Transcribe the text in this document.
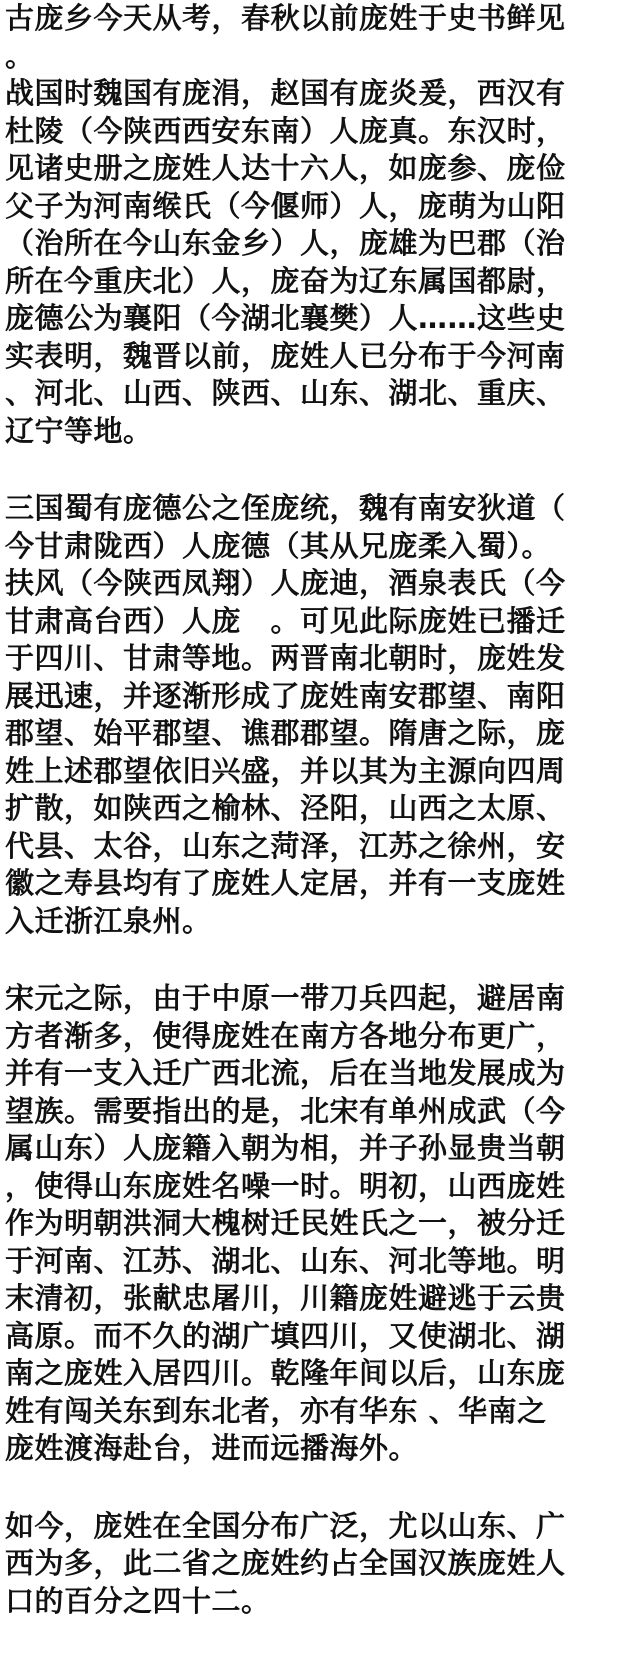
古庞乡今天从考，春秋以前庞姓于史书鲜见
。
战国时魏国有庞涓，赵国有庞炎爰，西汉有
杜陵（今陕西西安东南）人庞真。东汉时，
见诸史册之庞姓人达十六人，如庞参、庞俭
父子为河南缑氏（今偃师）人，庞萌为山阳
（治所在今山东金乡）人，庞雄为巴郡（治
所在今重庆北）人，庞奋为辽东属国都尉，
庞德公为襄阳（今湖北襄樊）人……这些史
实表明，魏晋以前，庞姓人已分布于今河南
、河北、山西、陕西、山东、湖北、重庆、
辽宁等地。
三国蜀有庞德公之侄庞统，魏有南安狄道（
今甘肃陇西）人庞德（其从兄庞柔入蜀）。
扶风（今陕西凤翔）人庞迪，酒泉表氏（今
甘肃高台西）人庞　。可见此际庞姓已播迁
于四川、甘肃等地。两晋南北朝时，庞姓发
展迅速，并逐渐形成了庞姓南安郡望、南阳
郡望、始平郡望、谯郡郡望。隋唐之际，庞
姓上述郡望依旧兴盛，并以其为主源向四周
扩散，如陕西之榆林、泾阳，山西之太原、
代县、太谷，山东之菏泽，江苏之徐州，安
徽之寿县均有了庞姓人定居，并有一支庞姓
入迁浙江泉州。
宋元之际，由于中原一带刀兵四起，避居南
方者渐多，使得庞姓在南方各地分布更广，
并有一支入迁广西北流，后在当地发展成为
望族。需要指出的是，北宋有单州成武（今
属山东）人庞籍入朝为相，并子孙显贵当朝
，使得山东庞姓名噪一时。明初，山西庞姓
作为明朝洪洞大槐树迁民姓氏之一，被分迁
于河南、江苏、湖北、山东、河北等地。明
末清初，张献忠屠川，川籍庞姓避逃于云贵
高原。而不久的湖广填四川，又使湖北、湖
南之庞姓入居四川。乾隆年间以后，山东庞
姓有闯关东到东北者，亦有华东 、华南之
庞姓渡海赴台，进而远播海外。
如今，庞姓在全国分布广泛，尤以山东、广
西为多，此二省之庞姓约占全国汉族庞姓人
口的百分之四十二。
